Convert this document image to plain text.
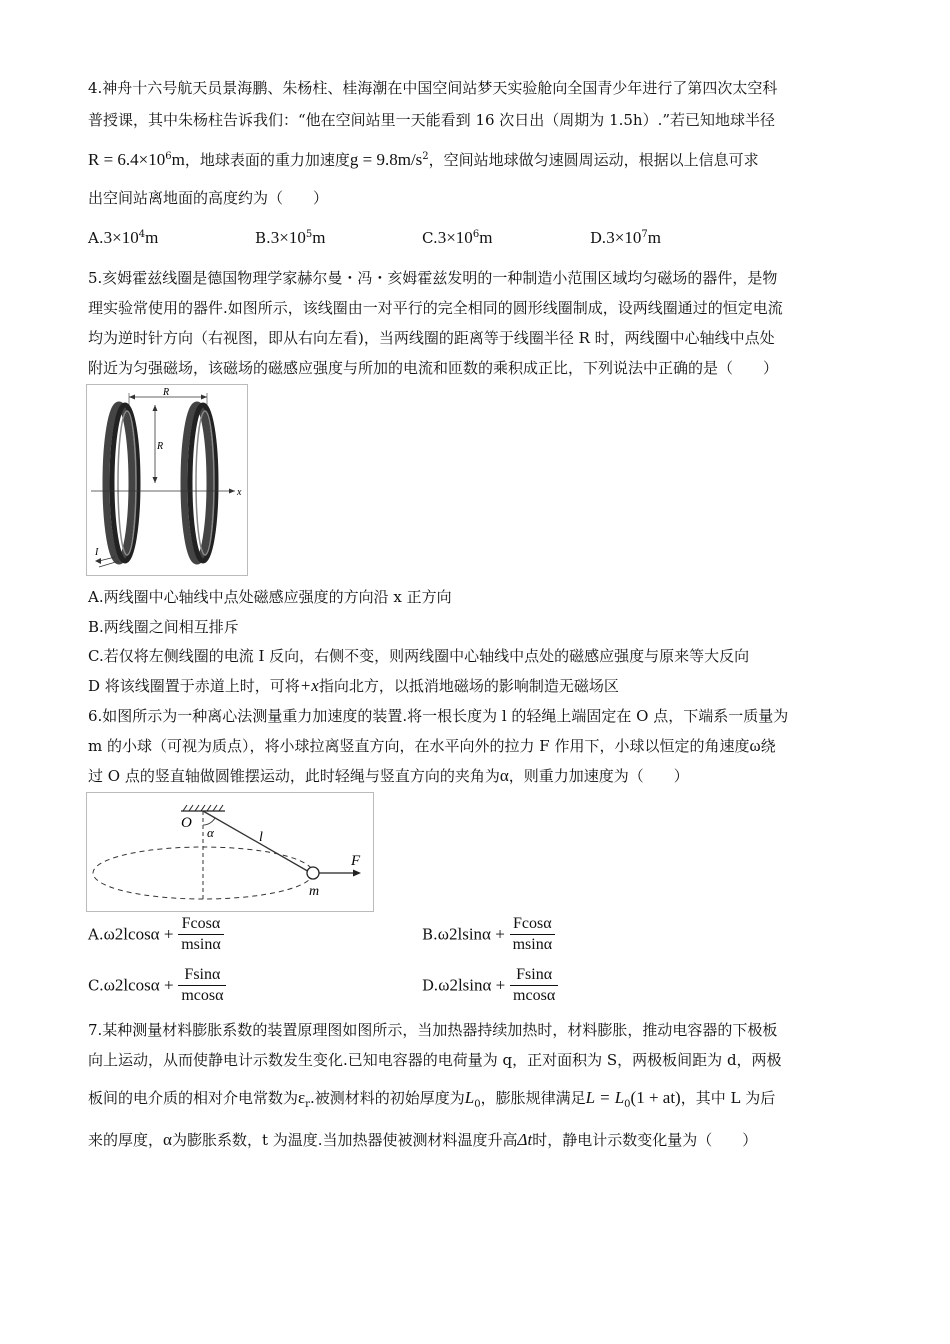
4.神舟十六号航天员景海鹏、朱杨柱、桂海潮在中国空间站梦天实验舱向全国青少年进行了第四次太空科
普授课，其中朱杨柱告诉我们：“他在空间站里一天能看到 16 次日出（周期为 1.5h）.”若已知地球半径
$R = 6.4\times 10^6m$，地球表面的重力加速度$g = 9.8m/s^2$，空间站地球做匀速圆周运动，根据以上信息可求
出空间站离地面的高度约为（　　）
$A.3\times 10^4m$	$B.3\times 10^5m$	$C.3\times 10^6m$	$D.3\times 10^7m$
5.亥姆霍兹线圈是德国物理学家赫尔曼・冯・亥姆霍兹发明的一种制造小范围区域均匀磁场的器件，是物
理实验常使用的器件.如图所示，该线圈由一对平行的完全相同的圆形线圈制成，设两线圈通过的恒定电流
均为逆时针方向（右视图，即从右向左看)，当两线圈的距离等于线圈半径 R 时，两线圈中心轴线中点处
附近为匀强磁场，该磁场的磁感应强度与所加的电流和匝数的乘积成正比，下列说法中正确的是（　　）
R
R
x
I
A.两线圈中心轴线中点处磁感应强度的方向沿 x 正方向
B.两线圈之间相互排斥
C.若仅将左侧线圈的电流 I 反向，右侧不变，则两线圈中心轴线中点处的磁感应强度与原来等大反向
D 将该线圈置于赤道上时，可将+x指向北方，以抵消地磁场的影响制造无磁场区
6.如图所示为一种离心法测量重力加速度的装置.将一根长度为 l 的轻绳上端固定在 O 点，下端系一质量为
m 的小球（可视为质点），将小球拉离竖直方向，在水平向外的拉力 F 作用下，小球以恒定的角速度ω绕
过 O 点的竖直轴做圆锥摆运动，此时轻绳与竖直方向的夹角为α，则重力加速度为（　　）
O
α	l
F
m
$A.\omega 2lcos\alpha + \frac{Fcos\alpha}{msin\alpha}$	$B.\omega 2lsin\alpha + \frac{Fcos\alpha}{msin\alpha}$
$C.\omega 2lcos\alpha + \frac{Fsin\alpha}{mcos\alpha}$	$D.\omega 2lsin\alpha + \frac{Fsin\alpha}{mcos\alpha}$
7.某种测量材料膨胀系数的装置原理图如图所示，当加热器持续加热时，材料膨胀，推动电容器的下极板
向上运动，从而使静电计示数发生变化.已知电容器的电荷量为 q，正对面积为 S，两极板间距为 d，两极
板间的电介质的相对介电常数为$\varepsilon_r$.被测材料的初始厚度为$L_0$，膨胀规律满足$L = L_0(1 + at)$，其中 L 为后
来的厚度，α为膨胀系数，t 为温度.当加热器使被测材料温度升高Δt时，静电计示数变化量为（　　）
